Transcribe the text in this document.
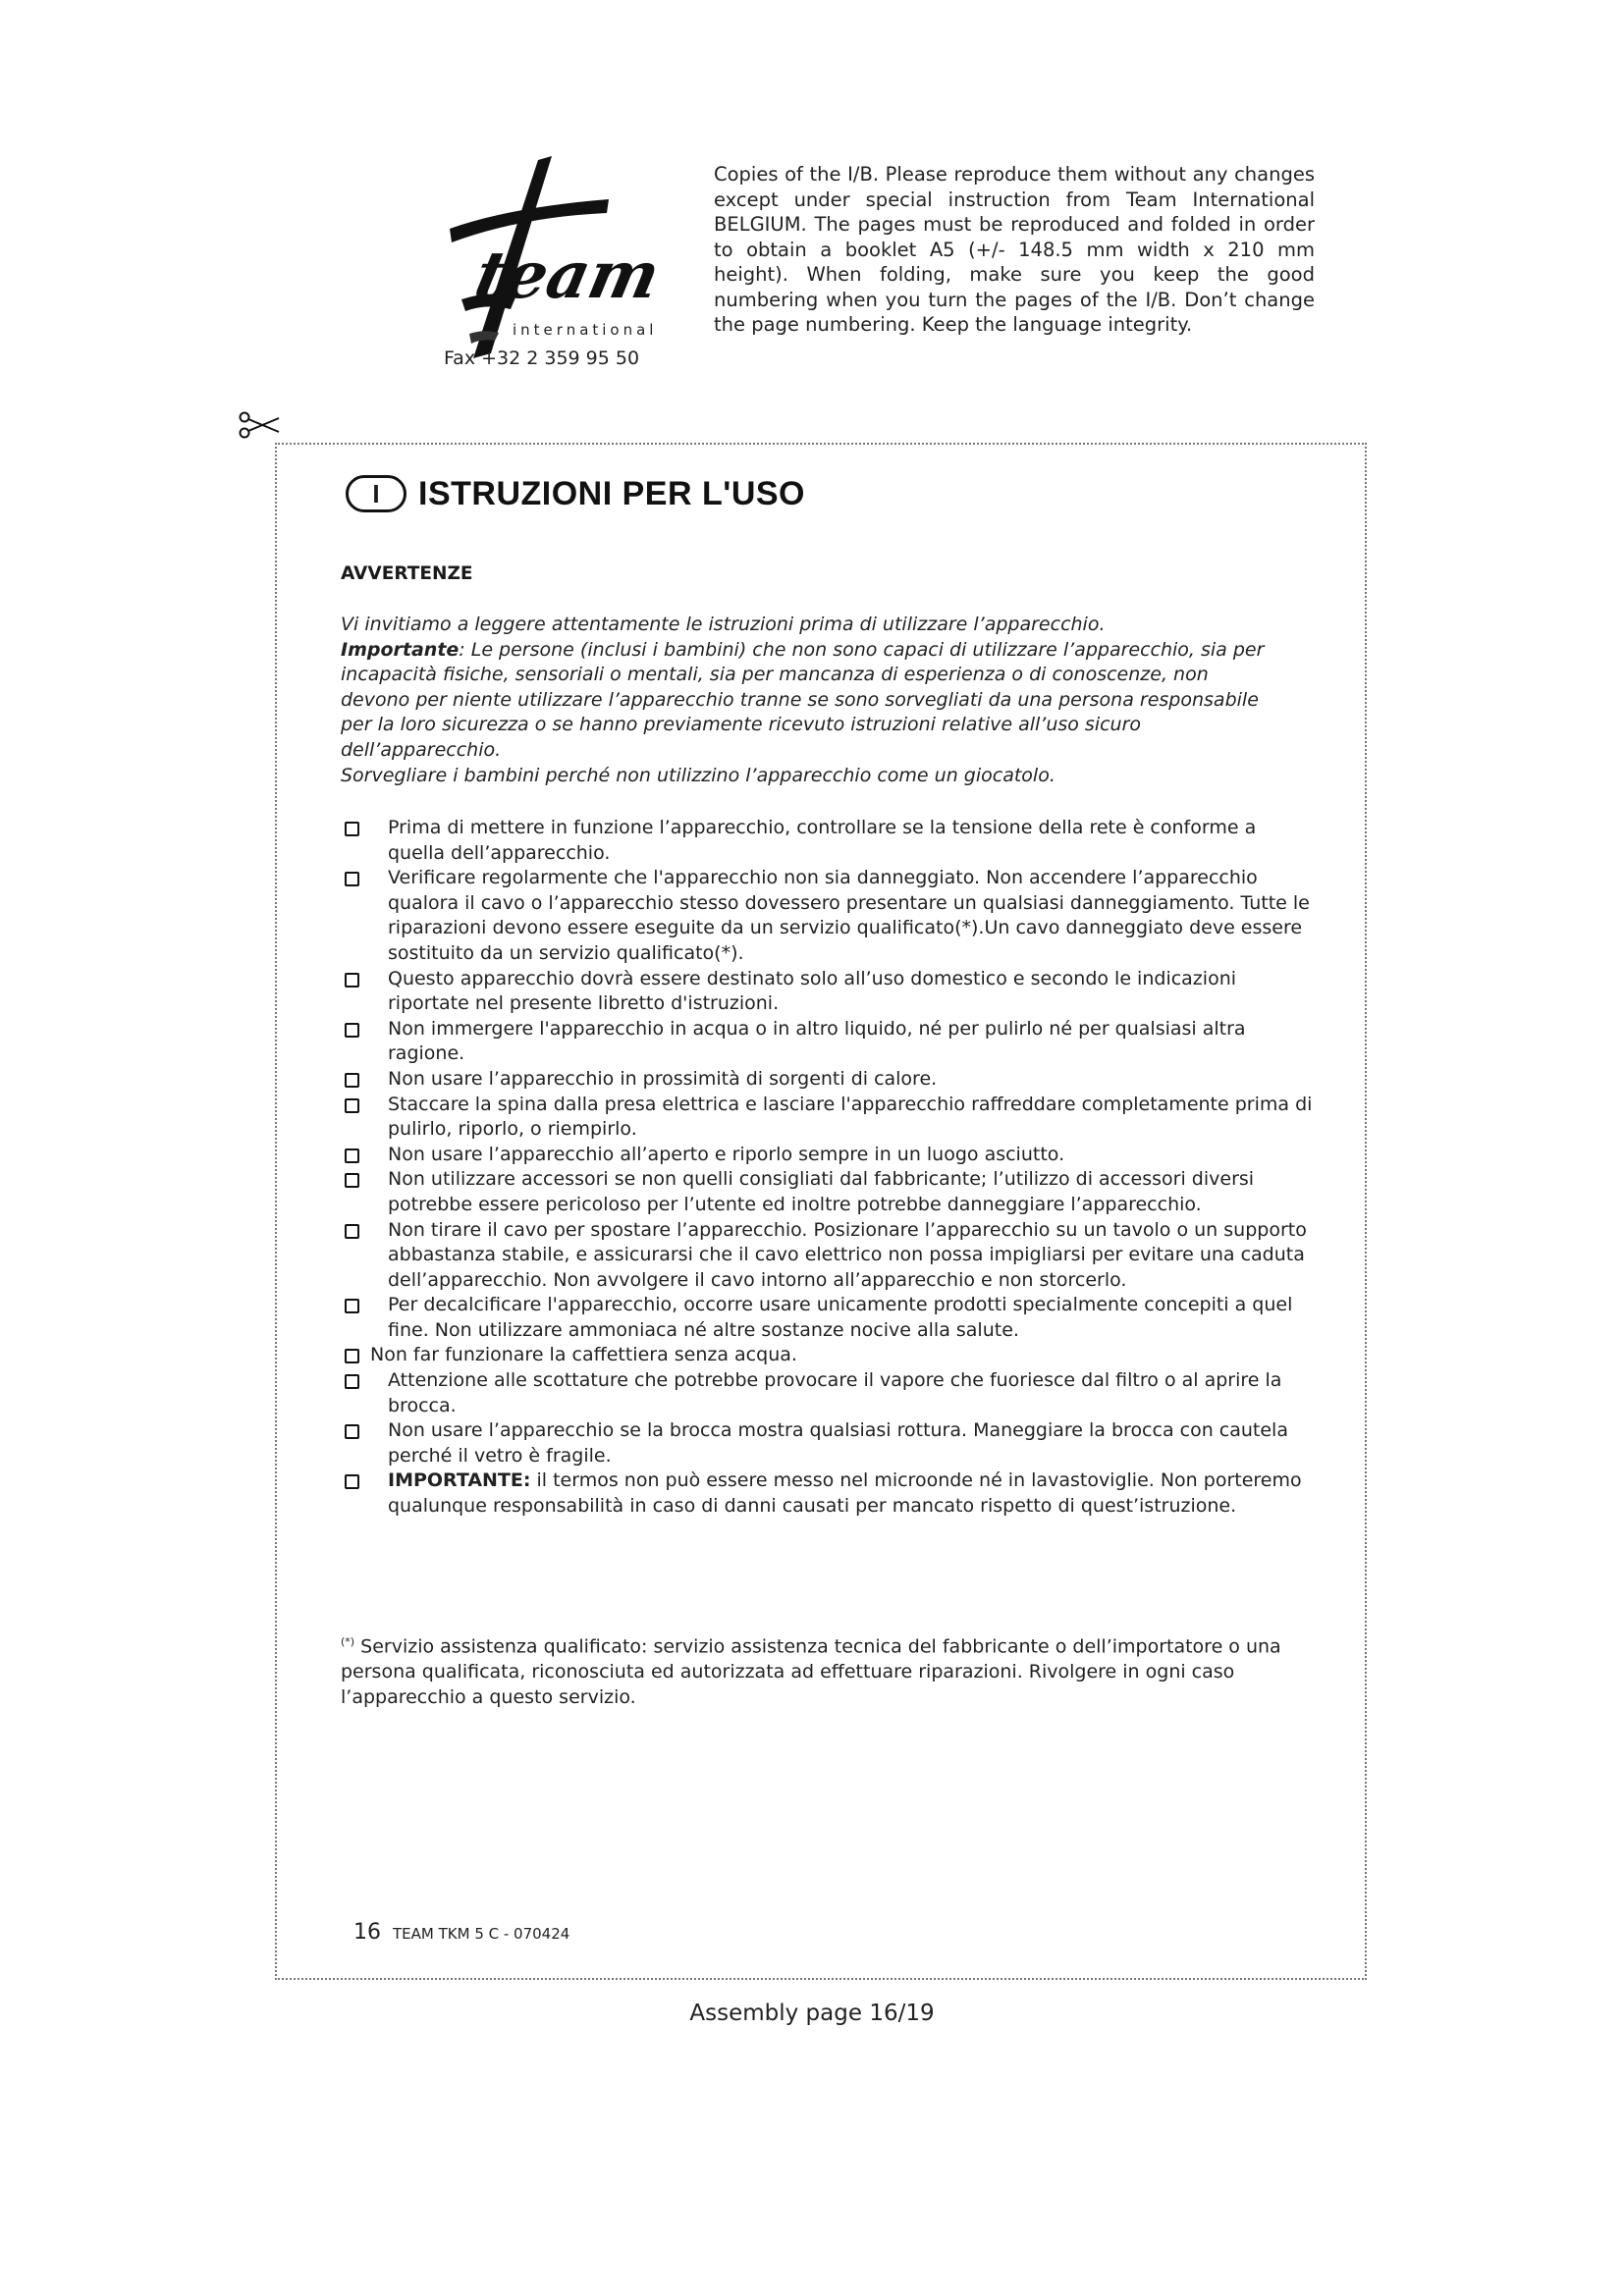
team
international
Fax +32 2 359 95 50
Copies of the I/B. Please reproduce them without any changes except under special instruction from Team International BELGIUM. The pages must be reproduced and folded in order to obtain a booklet A5 (+/- 148.5 mm width x 210 mm height). When folding, make sure you keep the good numbering when you turn the pages of the I/B. Don’t change the page numbering. Keep the language integrity.
I	ISTRUZIONI PER L'USO
AVVERTENZE

Vi invitiamo a leggere attentamente le istruzioni prima di utilizzare l’apparecchio.

Importante: Le persone (inclusi i bambini) che non sono capaci di utilizzare l’apparecchio, sia per incapacità fisiche, sensoriali o mentali, sia per mancanza di esperienza o di conoscenze, non devono per niente utilizzare l’apparecchio tranne se sono sorvegliati da una persona responsabile per la loro sicurezza o se hanno previamente ricevuto istruzioni relative all’uso sicuro dell’apparecchio.

Sorvegliare i bambini perché non utilizzino l’apparecchio come un giocatolo.

Prima di mettere in funzione l’apparecchio, controllare se la tensione della rete è conforme a quella dell’apparecchio.
Verificare regolarmente che l'apparecchio non sia danneggiato. Non accendere l’apparecchio qualora il cavo o l’apparecchio stesso dovessero presentare un qualsiasi danneggiamento. Tutte le riparazioni devono essere eseguite da un servizio qualificato(*).Un cavo danneggiato deve essere sostituito da un servizio qualificato(*).
Questo apparecchio dovrà essere destinato solo all’uso domestico e secondo le indicazioni riportate nel presente libretto d'istruzioni.
Non immergere l'apparecchio in acqua o in altro liquido, né per pulirlo né per qualsiasi altra ragione.
Non usare l’apparecchio in prossimità di sorgenti di calore.
Staccare la spina dalla presa elettrica e lasciare l'apparecchio raffreddare completamente prima di pulirlo, riporlo, o riempirlo.
Non usare l’apparecchio all’aperto e riporlo sempre in un luogo asciutto.
Non utilizzare accessori se non quelli consigliati dal fabbricante; l’utilizzo di accessori diversi potrebbe essere pericoloso per l’utente ed inoltre potrebbe danneggiare l’apparecchio.
Non tirare il cavo per spostare l’apparecchio. Posizionare l’apparecchio su un tavolo o un supporto abbastanza stabile, e assicurarsi che il cavo elettrico non possa impigliarsi per evitare una caduta dell’apparecchio. Non avvolgere il cavo intorno all’apparecchio e non storcerlo.
Per decalcificare l'apparecchio, occorre usare unicamente prodotti specialmente concepiti a quel fine. Non utilizzare ammoniaca né altre sostanze nocive alla salute.
Non far funzionare la caffettiera senza acqua.
Attenzione alle scottature che potrebbe provocare il vapore che fuoriesce dal filtro o al aprire la brocca.
Non usare l’apparecchio se la brocca mostra qualsiasi rottura. Maneggiare la brocca con cautela perché il vetro è fragile.
IMPORTANTE: il termos non può essere messo nel microonde né in lavastoviglie. Non porteremo qualunque responsabilità in caso di danni causati per mancato rispetto di quest’istruzione.
(*) Servizio assistenza qualificato: servizio assistenza tecnica del fabbricante o dell’importatore o una persona qualificata, riconosciuta ed autorizzata ad effettuare riparazioni. Rivolgere in ogni caso l’apparecchio a questo servizio.
16 TEAM TKM 5 C - 070424
Assembly page 16/19
